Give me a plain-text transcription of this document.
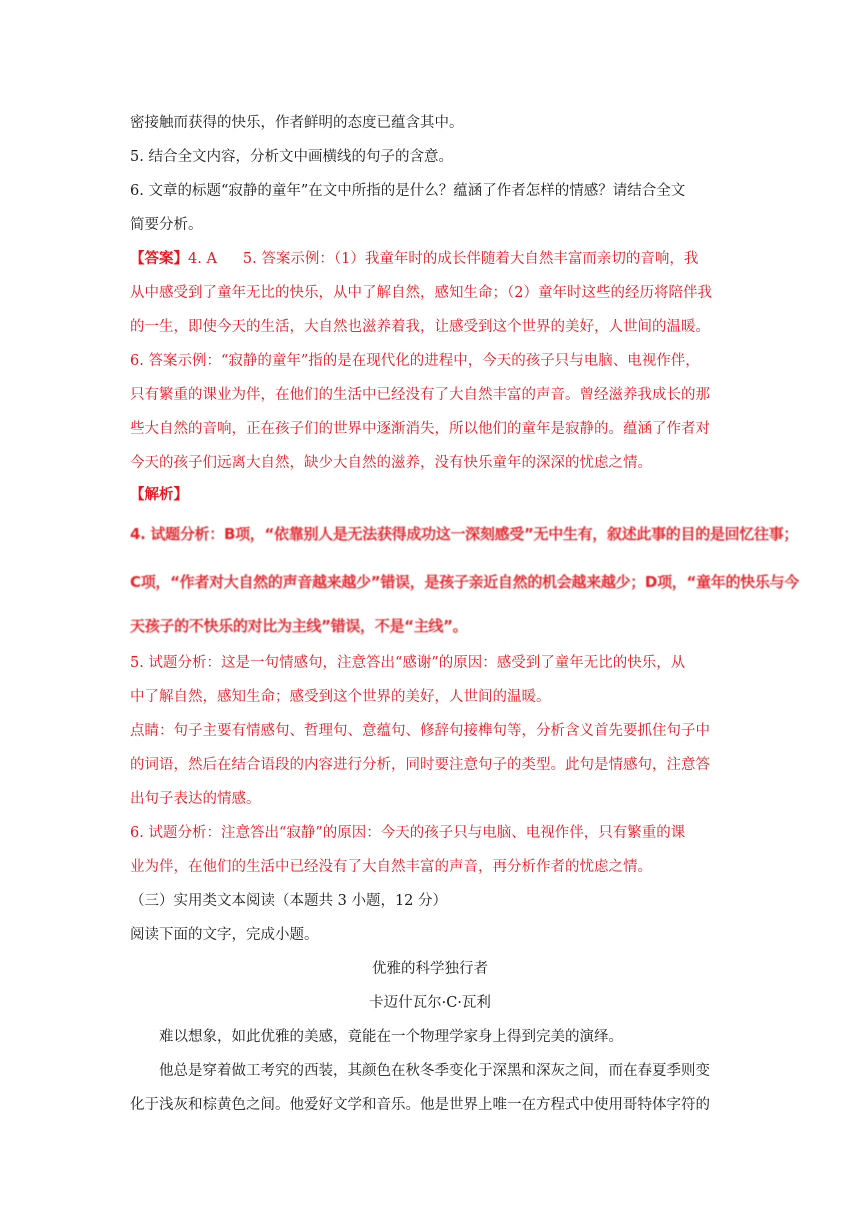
密接触而获得的快乐，作者鲜明的态度已蕴含其中。
5. 结合全文内容，分析文中画横线的句子的含意。
6. 文章的标题“寂静的童年”在文中所指的是什么？蕴涵了作者怎样的情感？请结合全文
简要分析。
【答案】4. A 5. 答案示例：（1）我童年时的成长伴随着大自然丰富而亲切的音响，我
从中感受到了童年无比的快乐，从中了解自然，感知生命；（2）童年时这些的经历将陪伴我
的一生，即使今天的生活，大自然也滋养着我，让感受到这个世界的美好，人世间的温暖。
6. 答案示例：“寂静的童年”指的是在现代化的进程中，今天的孩子只与电脑、电视作伴，
只有繁重的课业为伴，在他们的生活中已经没有了大自然丰富的声音。曾经滋养我成长的那
些大自然的音响，正在孩子们的世界中逐渐消失，所以他们的童年是寂静的。蕴涵了作者对
今天的孩子们远离大自然，缺少大自然的滋养，没有快乐童年的深深的忧虑之情。
【解析】
4. 试题分析：B项，“依靠别人是无法获得成功这一深刻感受”无中生有，叙述此事的目的是回忆往事；
C项，“作者对大自然的声音越来越少”错误，是孩子亲近自然的机会越来越少；D项，“童年的快乐与今
天孩子的不快乐的对比为主线”错误，不是“主线”。
5. 试题分析：这是一句情感句，注意答出“感谢”的原因：感受到了童年无比的快乐，从
中了解自然，感知生命；感受到这个世界的美好，人世间的温暖。
点睛：句子主要有情感句、哲理句、意蕴句、修辞句接榫句等，分析含义首先要抓住句子中
的词语，然后在结合语段的内容进行分析，同时要注意句子的类型。此句是情感句，注意答
出句子表达的情感。
6. 试题分析：注意答出“寂静”的原因：今天的孩子只与电脑、电视作伴，只有繁重的课
业为伴，在他们的生活中已经没有了大自然丰富的声音，再分析作者的忧虑之情。
（三）实用类文本阅读（本题共 3 小题，12 分）
阅读下面的文字，完成小题。
优雅的科学独行者
卡迈什瓦尔·C·瓦利
难以想象，如此优雅的美感，竟能在一个物理学家身上得到完美的演绎。
他总是穿着做工考究的西装，其颜色在秋冬季变化于深黑和深灰之间，而在春夏季则变
化于浅灰和棕黄色之间。他爱好文学和音乐。他是世界上唯一在方程式中使用哥特体字符的
